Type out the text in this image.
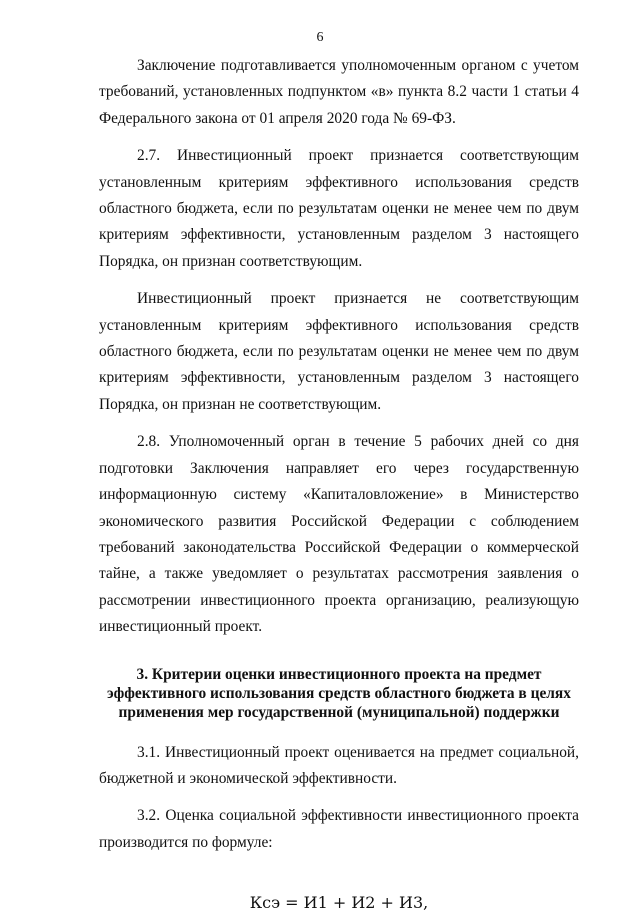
6

Заключение подготавливается уполномоченным органом с учетом требований, установленных подпунктом «в» пункта 8.2 части 1 статьи 4 Федерального закона от 01 апреля 2020 года № 69-ФЗ.

2.7. Инвестиционный проект признается соответствующим установленным критериям эффективного использования средств областного бюджета, если по результатам оценки не менее чем по двум критериям эффективности, установленным разделом 3 настоящего Порядка, он признан соответствующим.

Инвестиционный проект признается не соответствующим установленным критериям эффективного использования средств областного бюджета, если по результатам оценки не менее чем по двум критериям эффективности, установленным разделом 3 настоящего Порядка, он признан не соответствующим.

2.8. Уполномоченный орган в течение 5 рабочих дней со дня подготовки Заключения направляет его через государственную информационную систему «Капиталовложение» в Министерство экономического развития Российской Федерации с соблюдением требований законодательства Российской Федерации о коммерческой тайне, а также уведомляет о результатах рассмотрения заявления о рассмотрении инвестиционного проекта организацию, реализующую инвестиционный проект.

3. Критерии оценки инвестиционного проекта на предмет
эффективного использования средств областного бюджета в целях
применения мер государственной (муниципальной) поддержки

3.1. Инвестиционный проект оценивается на предмет социальной, бюджетной и экономической эффективности.

3.2. Оценка социальной эффективности инвестиционного проекта производится по формуле:

Ксэ = И1 + И2 + И3,
